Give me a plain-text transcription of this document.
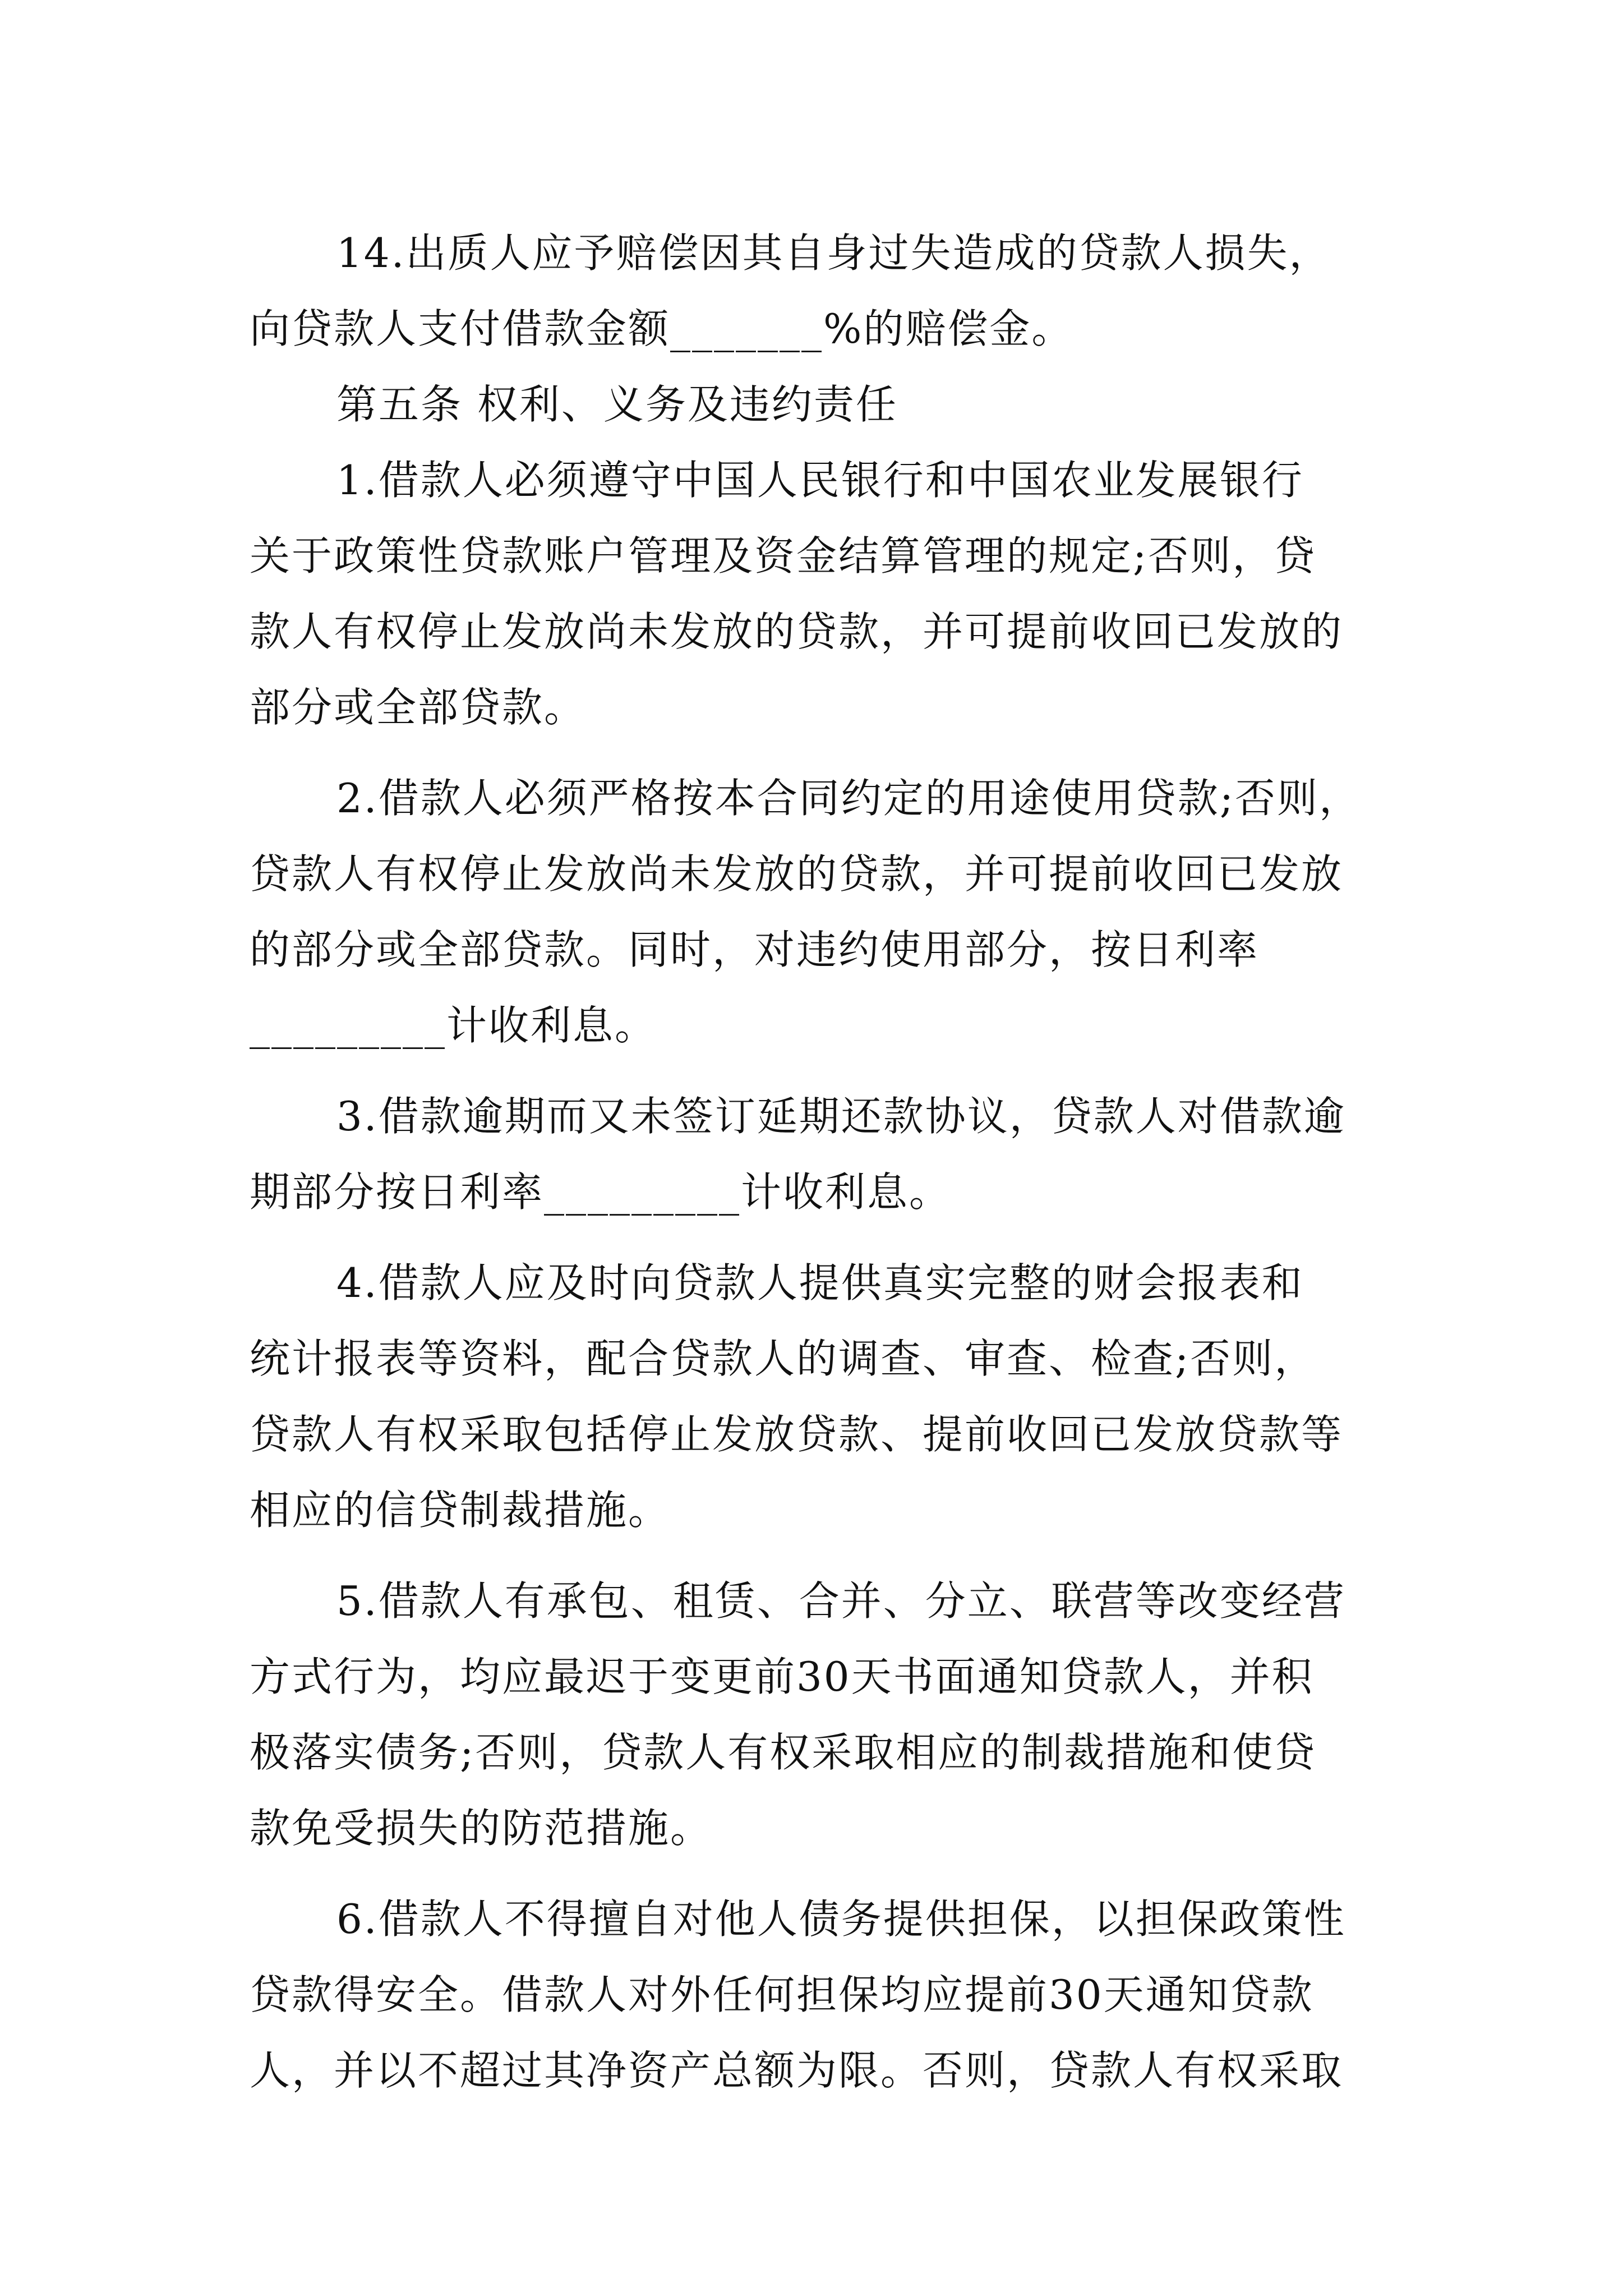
14.出质人应予赔偿因其自身过失造成的贷款人损失，
向贷款人支付借款金额_______%的赔偿金。
第五条 权利、义务及违约责任
1.借款人必须遵守中国人民银行和中国农业发展银行
关于政策性贷款账户管理及资金结算管理的规定;否则，贷
款人有权停止发放尚未发放的贷款，并可提前收回已发放的
部分或全部贷款。
2.借款人必须严格按本合同约定的用途使用贷款;否则，
贷款人有权停止发放尚未发放的贷款，并可提前收回已发放
的部分或全部贷款。同时，对违约使用部分，按日利率
_________计收利息。
3.借款逾期而又未签订延期还款协议，贷款人对借款逾
期部分按日利率_________计收利息。
4.借款人应及时向贷款人提供真实完整的财会报表和
统计报表等资料，配合贷款人的调查、审查、检查;否则，
贷款人有权采取包括停止发放贷款、提前收回已发放贷款等
相应的信贷制裁措施。
5.借款人有承包、租赁、合并、分立、联营等改变经营
方式行为，均应最迟于变更前30天书面通知贷款人，并积
极落实债务;否则，贷款人有权采取相应的制裁措施和使贷
款免受损失的防范措施。
6.借款人不得擅自对他人债务提供担保，以担保政策性
贷款得安全。借款人对外任何担保均应提前30天通知贷款
人，并以不超过其净资产总额为限。否则，贷款人有权采取
